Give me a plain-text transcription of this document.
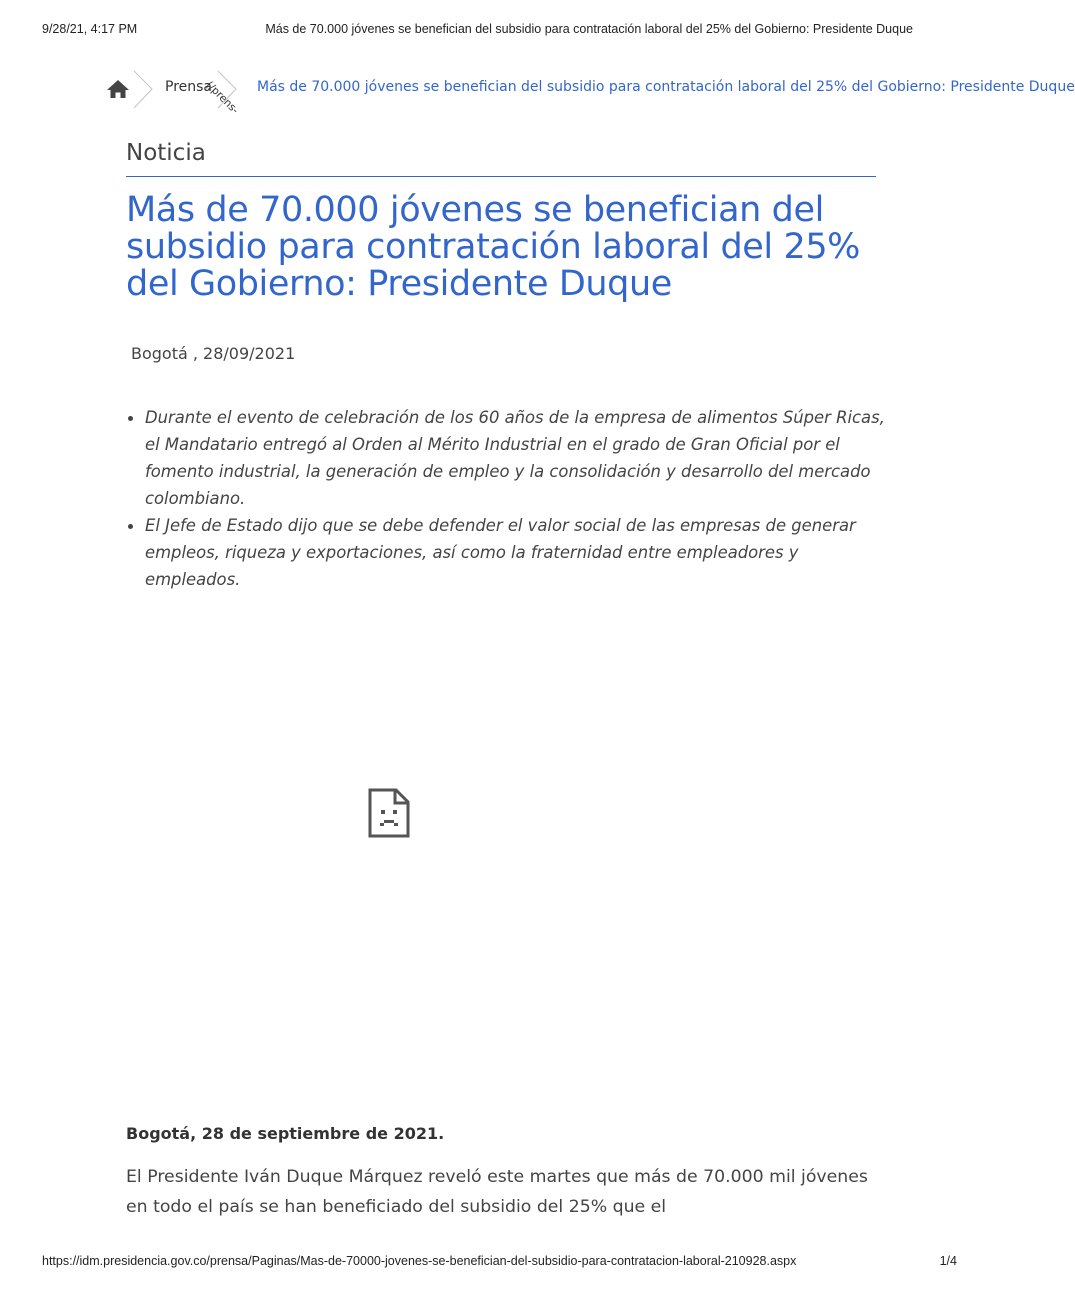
9/28/21, 4:17 PM	Más de 70.000 jóvenes se benefician del subsidio para contratación laboral del 25% del Gobierno: Presidente Duque
Prensa
(/prens- Más de 70.000 jóvenes se benefician del subsidio para contratación laboral del 25% del Gobierno: Presidente Duque
Noticia
Más de 70.000 jóvenes se benefician del subsidio para contratación laboral del 25% del Gobierno: Presidente Duque
Bogotá , 28/09/2021
Durante el evento de celebración de los 60 años de la empresa de alimentos Súper Ricas, el Mandatario entregó al Orden al Mérito Industrial en el grado de Gran Oficial por el fomento industrial, la generación de empleo y la consolidación y desarrollo del mercado colombiano.
El Jefe de Estado dijo que se debe defender el valor social de las empresas de generar empleos, riqueza y exportaciones, así como la fraternidad entre empleadores y empleados.
Bogotá, 28 de septiembre de 2021.

El Presidente Iván Duque Márquez reveló este martes que más de 70.000 mil jóvenes en todo el país se han beneficiado del subsidio del 25% que el

https://idm.presidencia.gov.co/prensa/Paginas/Mas-de-70000-jovenes-se-benefician-del-subsidio-para-contratacion-laboral-210928.aspx	1/4
